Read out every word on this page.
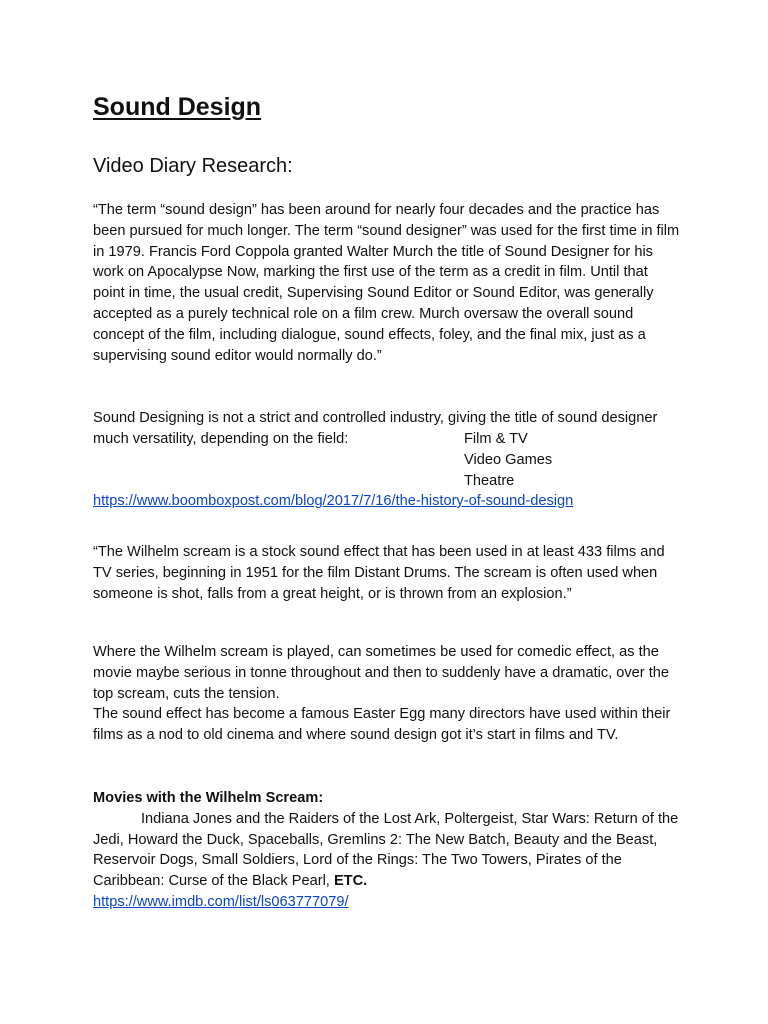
Sound Design
Video Diary Research:

“The term “sound design” has been around for nearly four decades and the practice has been pursued for much longer. The term “sound designer” was used for the first time in film in 1979. Francis Ford Coppola granted Walter Murch the title of Sound Designer for his work on Apocalypse Now, marking the first use of the term as a credit in film. Until that point in time, the usual credit, Supervising Sound Editor or Sound Editor, was generally accepted as a purely technical role on a film crew. Murch oversaw the overall sound concept of the film, including dialogue, sound effects, foley, and the final mix, just as a supervising sound editor would normally do.”

Sound Designing is not a strict and controlled industry, giving the title of sound designer much versatility, depending on the field:	Film & TV
Video Games
Theatre
https://www.boomboxpost.com/blog/2017/7/16/the-history-of-sound-design

“The Wilhelm scream is a stock sound effect that has been used in at least 433 films and TV series, beginning in 1951 for the film Distant Drums. The scream is often used when someone is shot, falls from a great height, or is thrown from an explosion.”

Where the Wilhelm scream is played, can sometimes be used for comedic effect, as the movie maybe serious in tonne throughout and then to suddenly have a dramatic, over the top scream, cuts the tension.

The sound effect has become a famous Easter Egg many directors have used within their films as a nod to old cinema and where sound design got it’s start in films and TV.

Movies with the Wilhelm Scream:

Indiana Jones and the Raiders of the Lost Ark, Poltergeist, Star Wars: Return of the Jedi, Howard the Duck, Spaceballs, Gremlins 2: The New Batch, Beauty and the Beast, Reservoir Dogs, Small Soldiers, Lord of the Rings: The Two Towers, Pirates of the Caribbean: Curse of the Black Pearl, ETC.

https://www.imdb.com/list/ls063777079/
